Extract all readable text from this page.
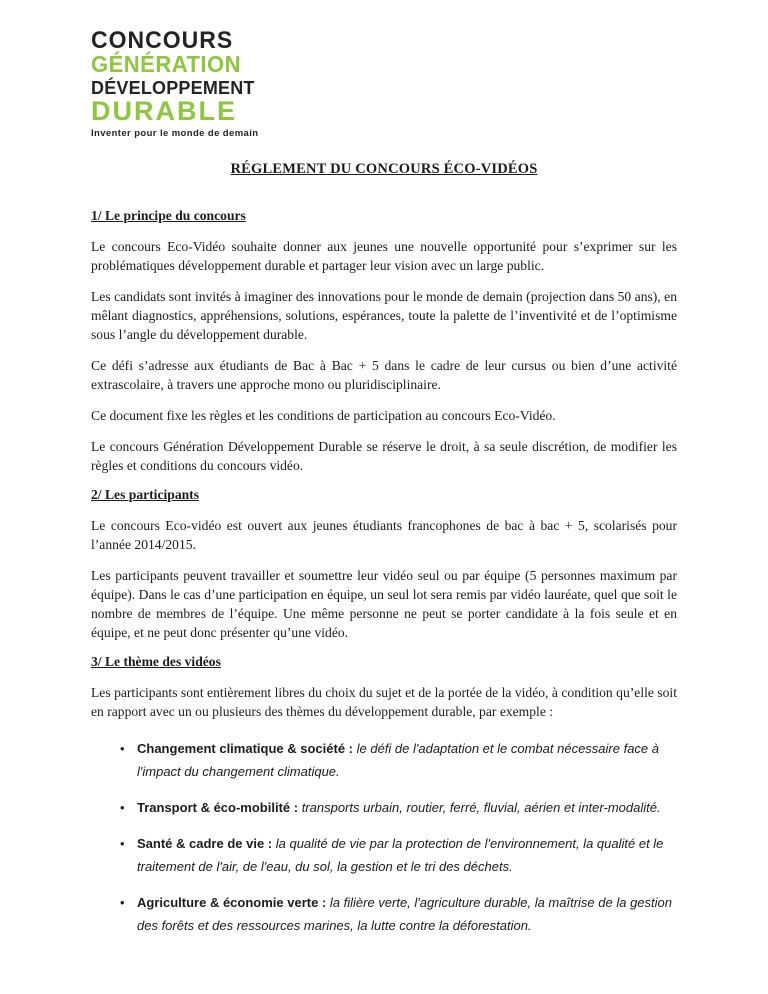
CONCOURS
GÉNÉRATION
DÉVELOPPEMENT
DURABLE
Inventer pour le monde de demain
RÉGLEMENT DU CONCOURS ÉCO-VIDÉOS
1/ Le principe du concours

Le concours Eco-Vidéo souhaite donner aux jeunes une nouvelle opportunité pour s’exprimer sur les problématiques développement durable et partager leur vision avec un large public.

Les candidats sont invités à imaginer des innovations pour le monde de demain (projection dans 50 ans), en mêlant diagnostics, appréhensions, solutions, espérances, toute la palette de l’inventivité et de l’optimisme sous l’angle du développement durable.

Ce défi s’adresse aux étudiants de Bac à Bac + 5 dans le cadre de leur cursus ou bien d’une activité extrascolaire, à travers une approche mono ou pluridisciplinaire.

Ce document fixe les règles et les conditions de participation au concours Eco-Vidéo.

Le concours Génération Développement Durable se réserve le droit, à sa seule discrétion, de modifier les règles et conditions du concours vidéo.

2/ Les participants

Le concours Eco-vidéo est ouvert aux jeunes étudiants francophones de bac à bac + 5, scolarisés pour l’année 2014/2015.

Les participants peuvent travailler et soumettre leur vidéo seul ou par équipe (5 personnes maximum par équipe). Dans le cas d’une participation en équipe, un seul lot sera remis par vidéo lauréate, quel que soit le nombre de membres de l’équipe. Une même personne ne peut se porter candidate à la fois seule et en équipe, et ne peut donc présenter qu’une vidéo.

3/ Le thème des vidéos

Les participants sont entièrement libres du choix du sujet et de la portée de la vidéo, à condition qu’elle soit en rapport avec un ou plusieurs des thèmes du développement durable, par exemple :

• Changement climatique & société : le défi de l'adaptation et le combat nécessaire face à l'impact du changement climatique.
• Transport & éco-mobilité : transports urbain, routier, ferré, fluvial, aérien et inter-modalité.
• Santé & cadre de vie : la qualité de vie par la protection de l'environnement, la qualité et le traitement de l'air, de l'eau, du sol, la gestion et le tri des déchets.
• Agriculture & économie verte : la filière verte, l'agriculture durable, la maîtrise de la gestion des forêts et des ressources marines, la lutte contre la déforestation.
